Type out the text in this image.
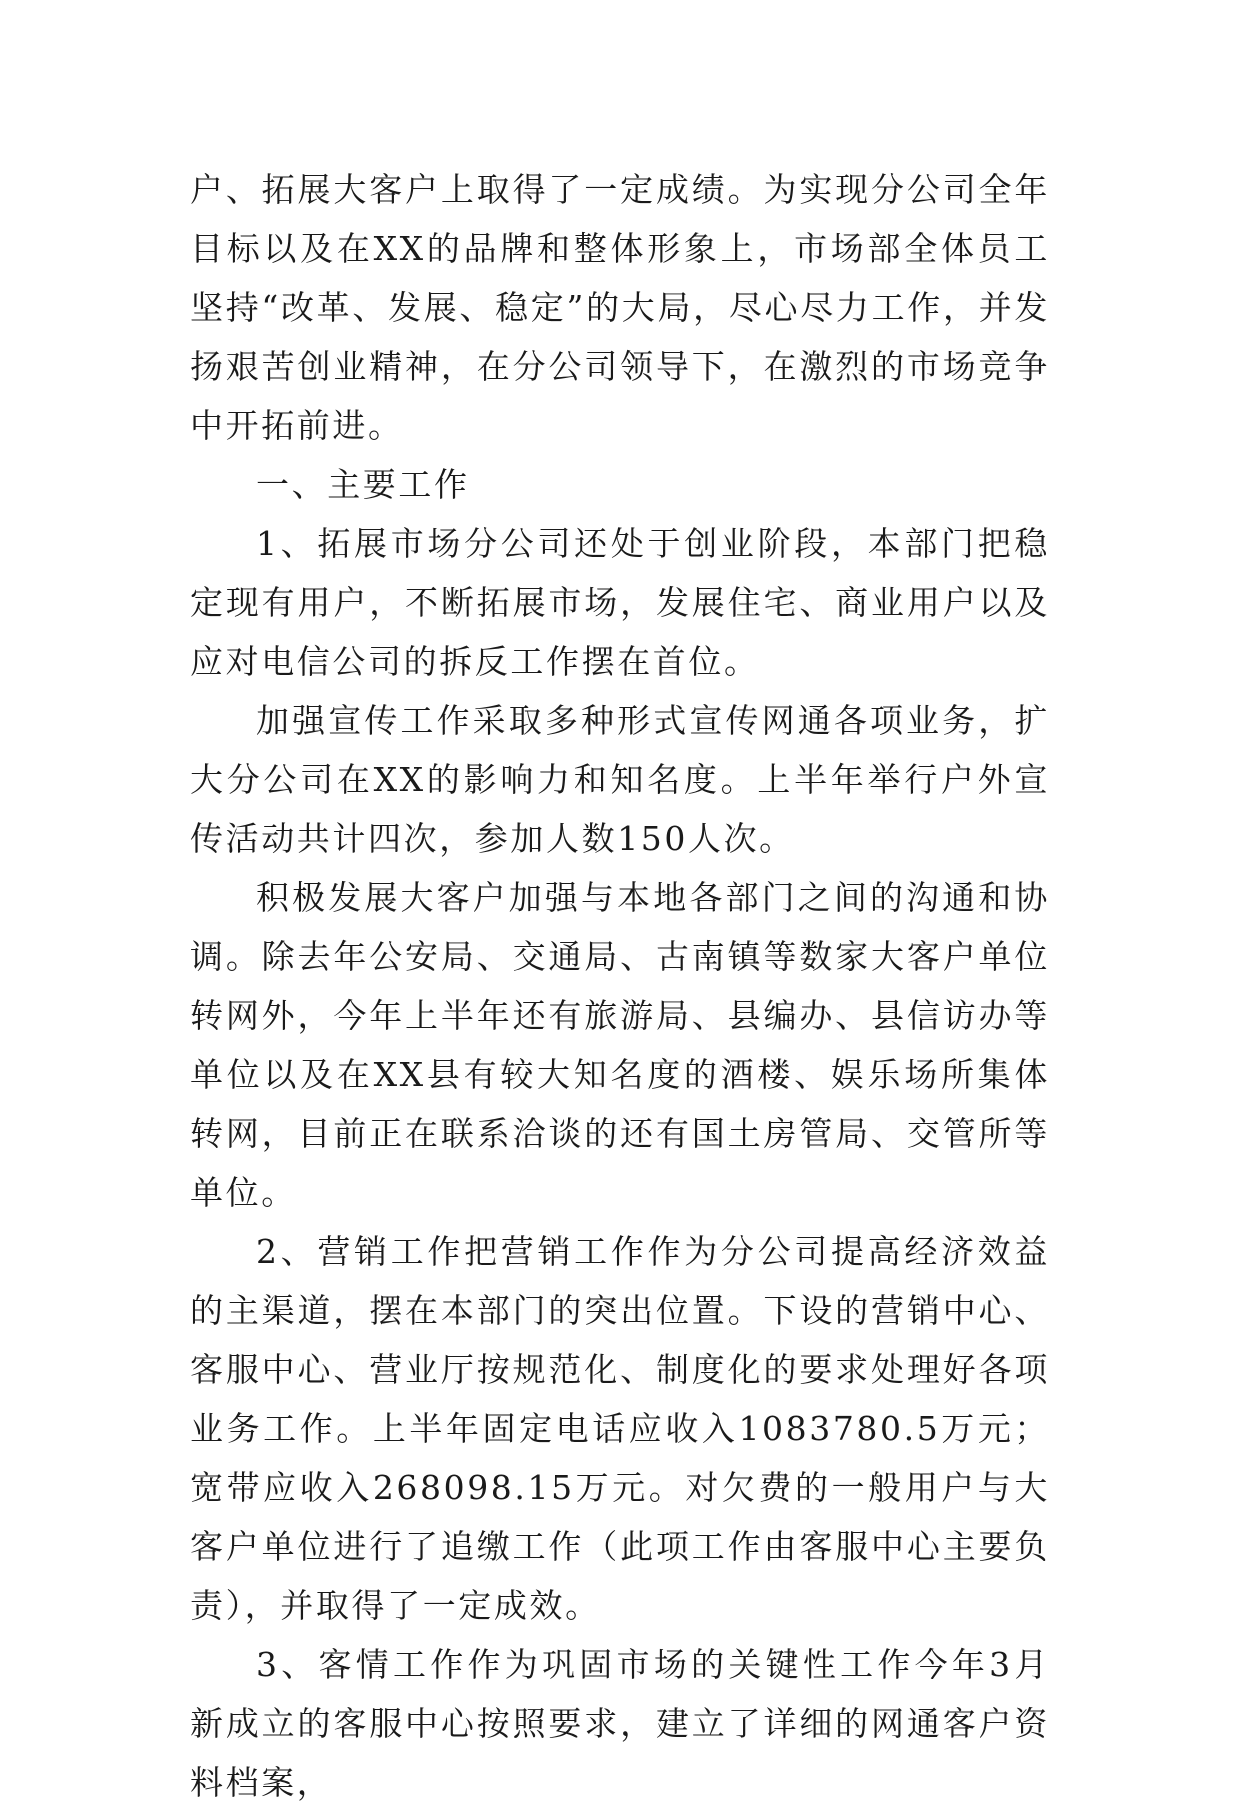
户、拓展大客户上取得了一定成绩。为实现分公司全年目标以及在XX的品牌和整体形象上，市场部全体员工坚持“改革、发展、稳定”的大局，尽心尽力工作，并发扬艰苦创业精神，在分公司领导下，在激烈的市场竞争中开拓前进。

一、主要工作

1、拓展市场分公司还处于创业阶段，本部门把稳定现有用户，不断拓展市场，发展住宅、商业用户以及应对电信公司的拆反工作摆在首位。

加强宣传工作采取多种形式宣传网通各项业务，扩大分公司在XX的影响力和知名度。上半年举行户外宣传活动共计四次，参加人数150人次。

积极发展大客户加强与本地各部门之间的沟通和协调。除去年公安局、交通局、古南镇等数家大客户单位转网外，今年上半年还有旅游局、县编办、县信访办等单位以及在XX县有较大知名度的酒楼、娱乐场所集体转网，目前正在联系洽谈的还有国土房管局、交管所等单位。

2、营销工作把营销工作作为分公司提高经济效益的主渠道，摆在本部门的突出位置。下设的营销中心、客服中心、营业厅按规范化、制度化的要求处理好各项业务工作。上半年固定电话应收入1083780.5万元；宽带应收入268098.15万元。对欠费的一般用户与大客户单位进行了追缴工作（此项工作由客服中心主要负责），并取得了一定成效。

3、客情工作作为巩固市场的关键性工作今年3月新成立的客服中心按照要求，建立了详细的网通客户资料档案，
